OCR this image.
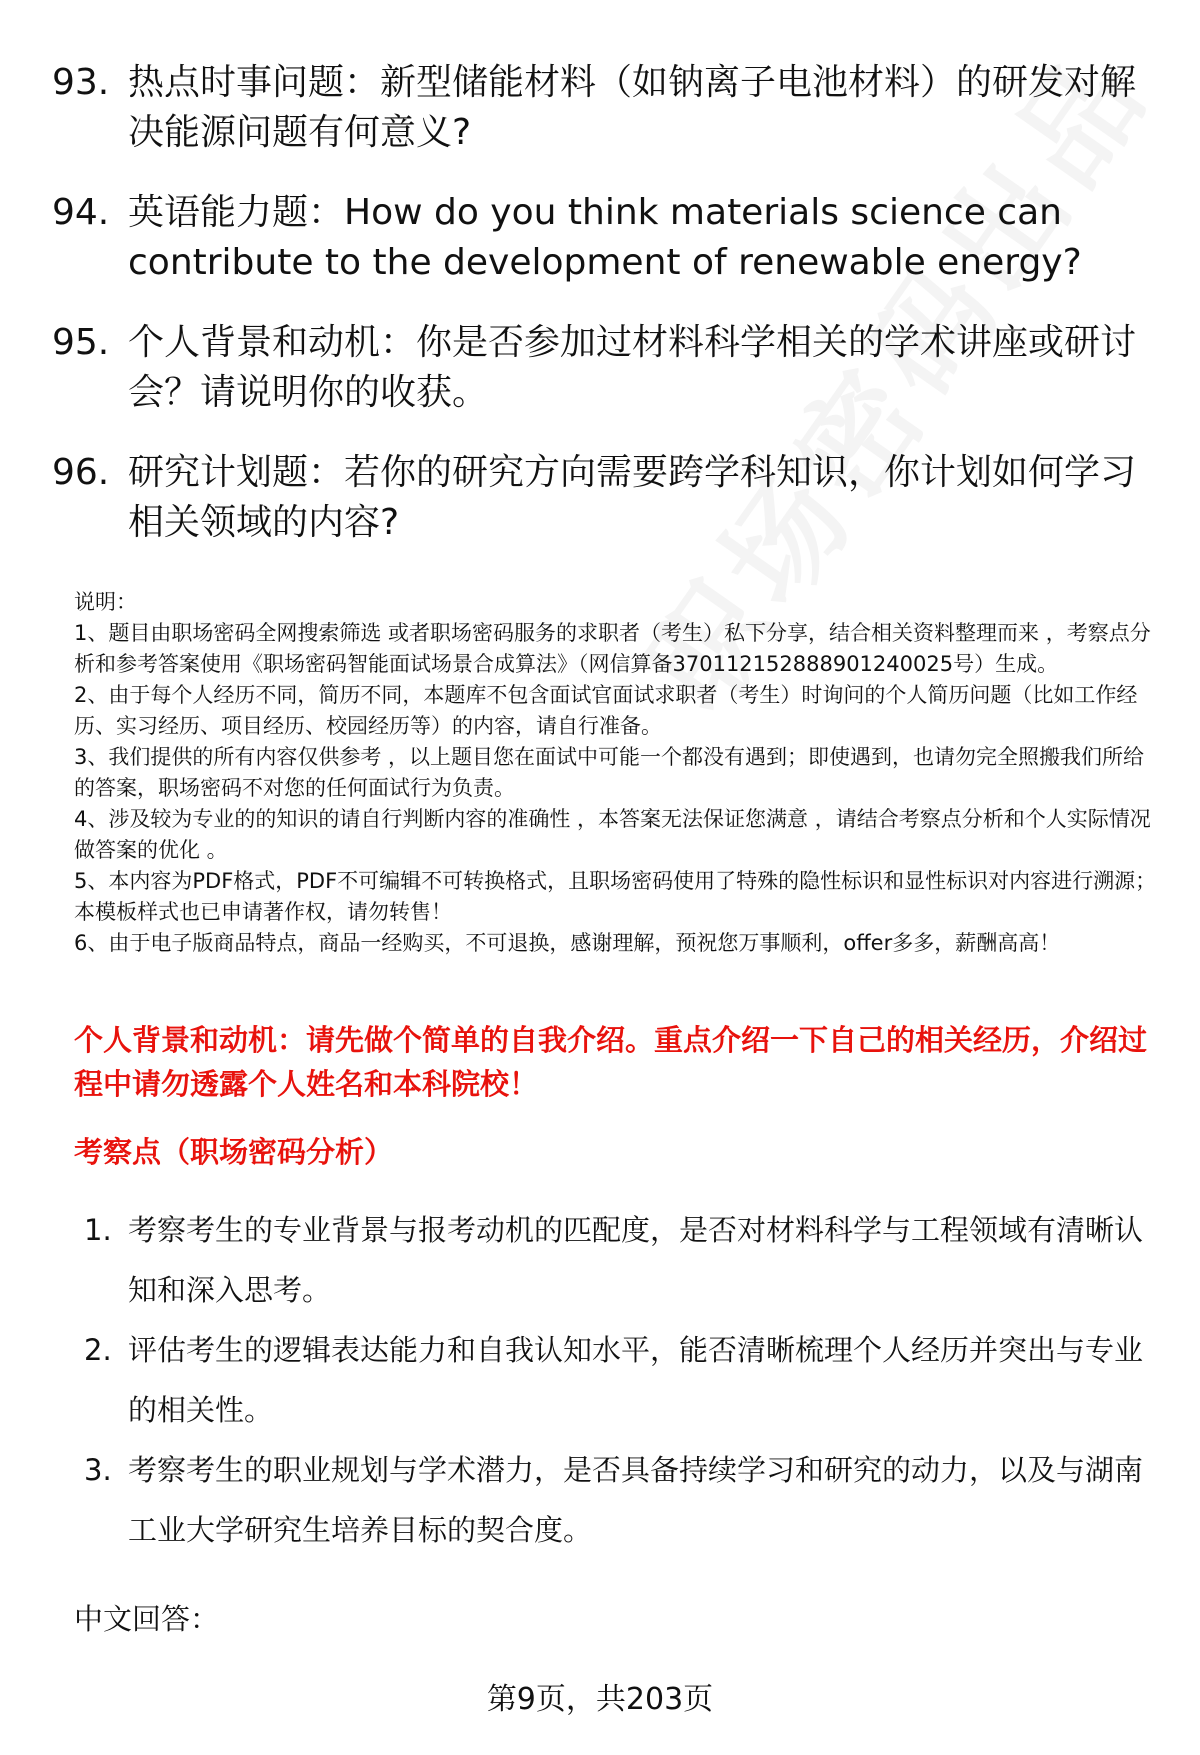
93. 热点时事问题：新型储能材料（如钠离子电池材料）的研发对解决能源问题有何意义?
94. 英语能力题：How do you think materials science can contribute to the development of renewable energy?
95. 个人背景和动机：你是否参加过材料科学相关的学术讲座或研讨会？请说明你的收获。
96. 研究计划题：若你的研究方向需要跨学科知识，你计划如何学习相关领域的内容?
说明：
1、题目由职场密码全网搜索筛选 或者职场密码服务的求职者（考生）私下分享，结合相关资料整理而来 ，考察点分析和参考答案使用《职场密码智能面试场景合成算法》（网信算备370112152888901240025号）生成。
2、由于每个人经历不同，简历不同，本题库不包含面试官面试求职者（考生）时询问的个人简历问题（比如工作经历、实习经历、项目经历、校园经历等）的内容，请自行准备。
3、我们提供的所有内容仅供参考 ，以上题目您在面试中可能一个都没有遇到；即使遇到，也请勿完全照搬我们所给的答案，职场密码不对您的任何面试行为负责。
4、涉及较为专业的的知识的请自行判断内容的准确性 ，本答案无法保证您满意 ，请结合考察点分析和个人实际情况做答案的优化 。
5、本内容为PDF格式，PDF不可编辑不可转换格式，且职场密码使用了特殊的隐性标识和显性标识对内容进行溯源；本模板样式也已申请著作权，请勿转售！
6、由于电子版商品特点，商品一经购买，不可退换，感谢理解，预祝您万事顺利，offer多多，薪酬高高！
个人背景和动机：请先做个简单的自我介绍。重点介绍一下自己的相关经历，介绍过程中请勿透露个人姓名和本科院校！
考察点（职场密码分析）
1. 考察考生的专业背景与报考动机的匹配度，是否对材料科学与工程领域有清晰认知和深入思考。
2. 评估考生的逻辑表达能力和自我认知水平，能否清晰梳理个人经历并突出与专业的相关性。
3. 考察考生的职业规划与学术潜力，是否具备持续学习和研究的动力，以及与湖南工业大学研究生培养目标的契合度。
中文回答：
第9页，共203页
